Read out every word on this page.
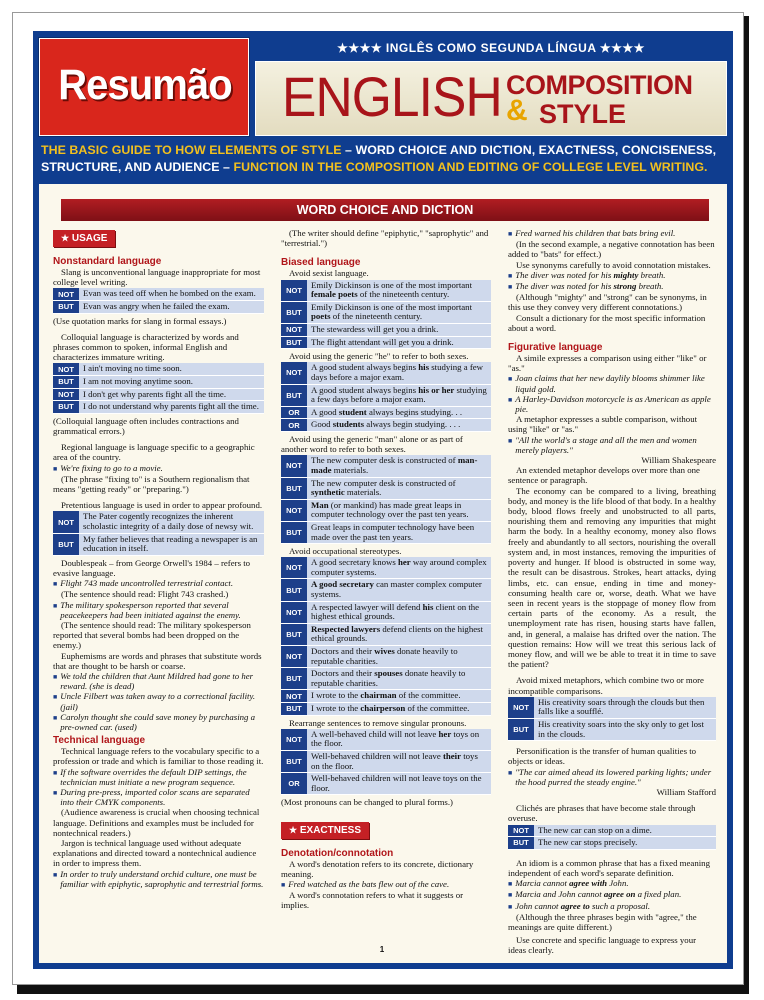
Resumão
★★★★ INGLÊS COMO SEGUNDA LÍNGUA ★★★★
ENGLISH COMPOSITION
& STYLE
THE BASIC GUIDE TO HOW ELEMENTS OF STYLE – WORD CHOICE AND DICTION, EXACTNESS, CONCISENESS, STRUCTURE, AND AUDIENCE – FUNCTION IN THE COMPOSITION AND EDITING OF COLLEGE LEVEL WRITING.
WORD CHOICE AND DICTION
★ USAGE
Nonstandard language

Slang is unconventional language inappropriate for most college level writing.

NOT	Evan was teed off when he bombed on the exam.
BUT	Evan was angry when he failed the exam.

(Use quotation marks for slang in formal essays.)

Colloquial language is characterized by words and phrases common to spoken, informal English and characterizes immature writing.

NOT	I ain't moving no time soon.
BUT	I am not moving anytime soon.
NOT	I don't get why parents fight all the time.
BUT	I do not understand why parents fight all the time.

(Colloquial language often includes contractions and grammatical errors.)

Regional language is language specific to a geographic area of the country.

■ We're fixing to go to a movie.

(The phrase "fixing to" is a Southern regionalism that means "getting ready" or "preparing.")

Pretentious language is used in order to appear profound.

NOT	The Pater cogently recognizes the inherent scholastic integrity of a daily dose of newsy wit.
BUT	My father believes that reading a newspaper is an education in itself.

Doublespeak – from George Orwell's 1984 – refers to evasive language.

■ Flight 743 made uncontrolled terrestrial contact.

(The sentence should read: Flight 743 crashed.)

■ The military spokesperson reported that several peacekeepers had been initiated against the enemy.

(The sentence should read: The military spokesperson reported that several bombs had been dropped on the enemy.)

Euphemisms are words and phrases that substitute words that are thought to be harsh or coarse.

■ We told the children that Aunt Mildred had gone to her reward. (she is dead)
■ Uncle Filbert was taken away to a correctional facility. (jail)
■ Carolyn thought she could save money by purchasing a pre-owned car. (used)
Technical language

Technical language refers to the vocabulary specific to a profession or trade and which is familiar to those reading it.

■ If the software overrides the default DIP settings, the technician must initiate a new program sequence.
■ During pre-press, imported color scans are separated into their CMYK components.

(Audience awareness is crucial when choosing technical language. Definitions and examples must be included for nontechnical readers.)

Jargon is technical language used without adequate explanations and directed toward a nontechnical audience in order to impress them.

■ In order to truly understand orchid culture, one must be familiar with epiphytic, saprophytic and terrestrial forms.

(The writer should define "epiphytic," "saprophytic" and "terrestrial.")

Biased language

Avoid sexist language.

NOT	Emily Dickinson is one of the most important female poets of the nineteenth century.
BUT	Emily Dickinson is one of the most important poets of the nineteenth century.
NOT	The stewardess will get you a drink.
BUT	The flight attendant will get you a drink.

Avoid using the generic "he" to refer to both sexes.

NOT	A good student always begins his studying a few days before a major exam.
BUT	A good student always begins his or her studying a few days before a major exam.
OR	A good student always begins studying. . .
OR	Good students always begin studying. . . .

Avoid using the generic "man" alone or as part of another word to refer to both sexes.

NOT	The new computer desk is constructed of man-made materials.
BUT	The new computer desk is constructed of synthetic materials.
NOT	Man (or mankind) has made great leaps in computer technology over the past ten years.
BUT	Great leaps in computer technology have been made over the past ten years.

Avoid occupational stereotypes.

NOT	A good secretary knows her way around complex computer systems.
BUT	A good secretary can master complex computer systems.
NOT	A respected lawyer will defend his client on the highest ethical grounds.
BUT	Respected lawyers defend clients on the highest ethical grounds.
NOT	Doctors and their wives donate heavily to reputable charities.
BUT	Doctors and their spouses donate heavily to reputable charities.
NOT	I wrote to the chairman of the committee.
BUT	I wrote to the chairperson of the committee.

Rearrange sentences to remove singular pronouns.

NOT	A well-behaved child will not leave her toys on the floor.
BUT	Well-behaved children will not leave their toys on the floor.
OR	Well-behaved children will not leave toys on the floor.

(Most pronouns can be changed to plural forms.)

★ EXACTNESS
Denotation/connotation

A word's denotation refers to its concrete, dictionary meaning.

■ Fred watched as the bats flew out of the cave.

A word's connotation refers to what it suggests or implies.

■ Fred warned his children that bats bring evil.

(In the second example, a negative connotation has been added to "bats" for effect.)

Use synonyms carefully to avoid connotation mistakes.

■ The diver was noted for his mighty breath.
■ The diver was noted for his strong breath.

(Although "mighty" and "strong" can be synonyms, in this use they convey very different connotations.)

Consult a dictionary for the most specific information about a word.

Figurative language

A simile expresses a comparison using either "like" or "as."

■ Joan claims that her new daylily blooms shimmer like liquid gold.
■ A Harley-Davidson motorcycle is as American as apple pie.

A metaphor expresses a subtle comparison, without using "like" or "as."

■ "All the world's a stage and all the men and women merely players."

William Shakespeare

An extended metaphor develops over more than one sentence or paragraph.

The economy can be compared to a living, breathing body, and money is the life blood of that body. In a healthy body, blood flows freely and unobstructed to all parts, nourishing them and removing any impurities that might harm the body. In a healthy economy, money also flows freely and abundantly to all sectors, nourishing the overall system and, in most instances, removing the impurities of poverty and hunger. If blood is obstructed in some way, the result can be disastrous. Strokes, heart attacks, dying limbs, etc. can ensue, ending in time and money-consuming health care or, worse, death. What we have seen in recent years is the stoppage of money flow from certain parts of the economy. As a result, the unemployment rate has risen, housing starts have fallen, and, in general, a malaise has drifted over the nation. The question remains: How will we treat this serious lack of money flow, and will we be able to treat it in time to save the patient?

Avoid mixed metaphors, which combine two or more incompatible comparisons.

NOT	His creativity soars through the clouds but then falls like a soufflé.
BUT	His creativity soars into the sky only to get lost in the clouds.

Personification is the transfer of human qualities to objects or ideas.

■ "The car aimed ahead its lowered parking lights; under the hood purred the steady engine."

William Stafford

Clichés are phrases that have become stale through overuse.

NOT	The new car can stop on a dime.
BUT	The new car stops precisely.

An idiom is a common phrase that has a fixed meaning independent of each word's separate definition.

■ Marcia cannot agree with John.
■ Marcia and John cannot agree on a fixed plan.
■ John cannot agree to such a proposal.

(Although the three phrases begin with "agree," the meanings are quite different.)

Use concrete and specific language to express your ideas clearly.

1
